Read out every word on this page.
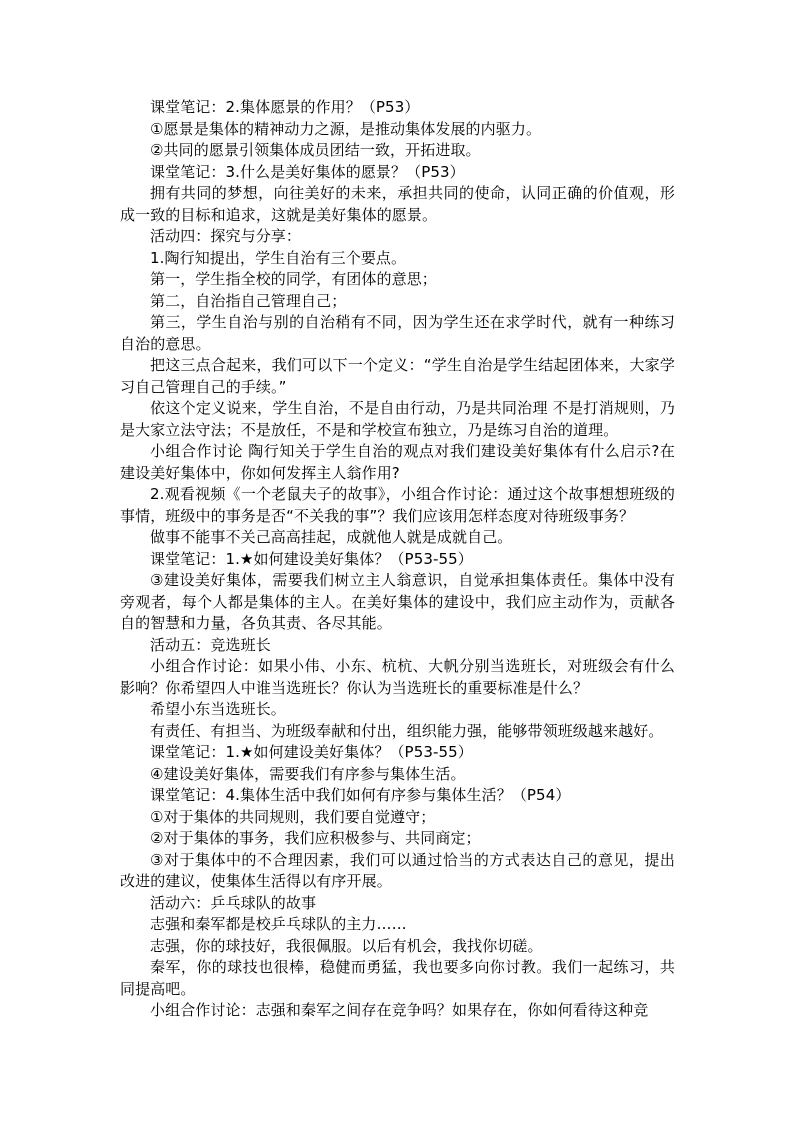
课堂笔记：2.集体愿景的作用？（P53）

①愿景是集体的精神动力之源，是推动集体发展的内驱力。

②共同的愿景引领集体成员团结一致，开拓进取。

课堂笔记：3.什么是美好集体的愿景？（P53）

拥有共同的梦想，向往美好的未来，承担共同的使命，认同正确的价值观，形成一致的目标和追求，这就是美好集体的愿景。

活动四：探究与分享：

1.陶行知提出，学生自治有三个要点。

第一，学生指全校的同学，有团体的意思；

第二，自治指自己管理自己；

第三，学生自治与别的自治稍有不同，因为学生还在求学时代，就有一种练习自治的意思。

把这三点合起来，我们可以下一个定义：“学生自治是学生结起团体来，大家学习自己管理自己的手续。”

依这个定义说来，学生自治，不是自由行动，乃是共同治理 不是打消规则，乃是大家立法守法；不是放任，不是和学校宣布独立，乃是练习自治的道理。

小组合作讨论 陶行知关于学生自治的观点对我们建设美好集体有什么启示?在建设美好集体中，你如何发挥主人翁作用?

2.观看视频《一个老鼠夫子的故事》，小组合作讨论：通过这个故事想想班级的事情，班级中的事务是否“不关我的事”？我们应该用怎样态度对待班级事务？

做事不能事不关己高高挂起，成就他人就是成就自己。

课堂笔记：1.★如何建设美好集体？（P53-55）

③建设美好集体，需要我们树立主人翁意识，自觉承担集体责任。集体中没有旁观者，每个人都是集体的主人。在美好集体的建设中，我们应主动作为，贡献各自的智慧和力量，各负其责、各尽其能。

活动五：竞选班长

小组合作讨论：如果小伟、小东、杭杭、大帆分别当选班长，对班级会有什么影响？你希望四人中谁当选班长？你认为当选班长的重要标准是什么？

希望小东当选班长。

有责任、有担当、为班级奉献和付出，组织能力强，能够带领班级越来越好。

课堂笔记：1.★如何建设美好集体？（P53-55）

④建设美好集体，需要我们有序参与集体生活。

课堂笔记：4.集体生活中我们如何有序参与集体生活？（P54）

①对于集体的共同规则，我们要自觉遵守；

②对于集体的事务，我们应积极参与、共同商定；

③对于集体中的不合理因素，我们可以通过恰当的方式表达自己的意见，提出改进的建议，使集体生活得以有序开展。

活动六：乒乓球队的故事

志强和秦军都是校乒乓球队的主力……

志强，你的球技好，我很佩服。以后有机会，我找你切磋。

秦军，你的球技也很棒，稳健而勇猛，我也要多向你讨教。我们一起练习，共同提高吧。

小组合作讨论：志强和秦军之间存在竞争吗？如果存在，你如何看待这种竞
